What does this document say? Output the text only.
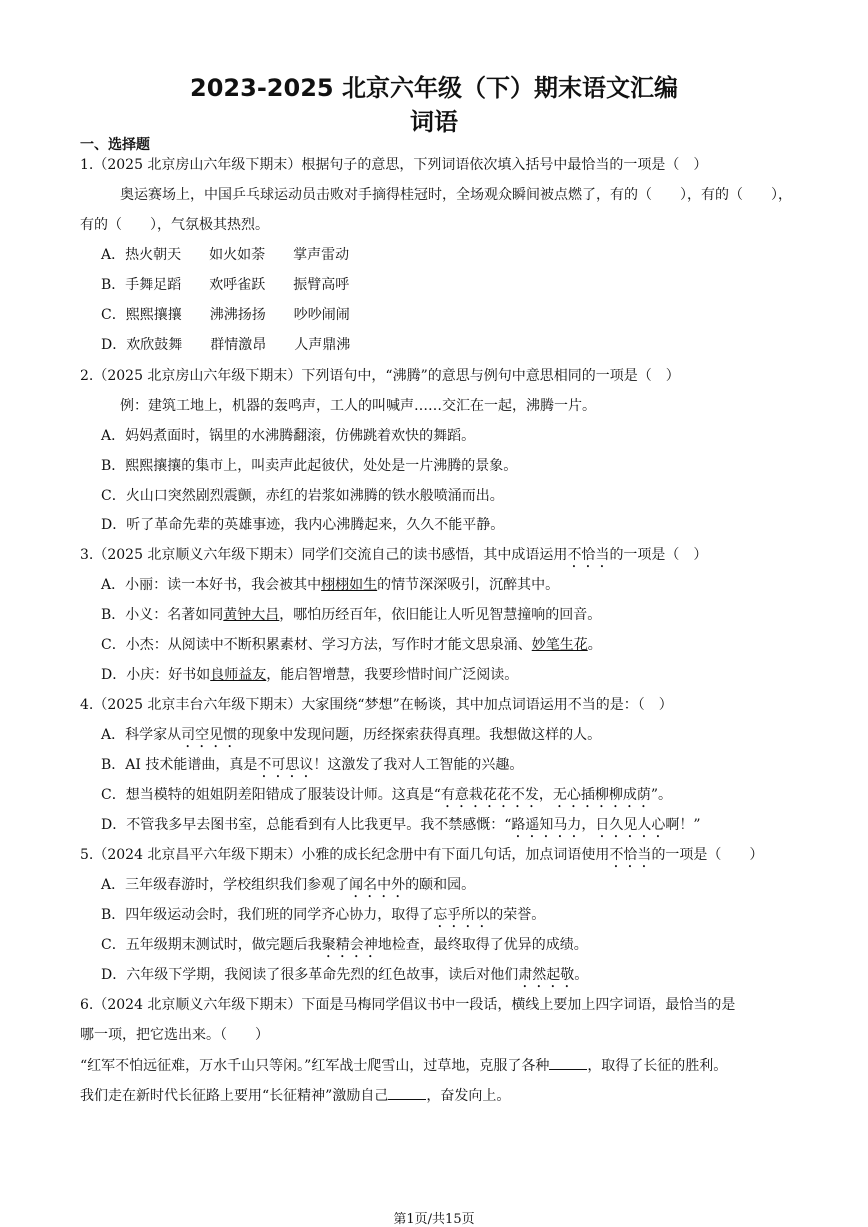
2023-2025 北京六年级（下）期末语文汇编
词语
一、选择题
1.（2025 北京房山六年级下期末）根据句子的意思，下列词语依次填入括号中最恰当的一项是（　）
奥运赛场上，中国乒乓球运动员击败对手摘得桂冠时，全场观众瞬间被点燃了，有的（　　），有的（　　），
有的（　　），气氛极其热烈。
A．热火朝天　　如火如荼　　掌声雷动
B．手舞足蹈　　欢呼雀跃　　振臂高呼
C．熙熙攘攘　　沸沸扬扬　　吵吵闹闹
D．欢欣鼓舞　　群情激昂　　人声鼎沸
2.（2025 北京房山六年级下期末）下列语句中，“沸腾”的意思与例句中意思相同的一项是（　）
例：建筑工地上，机器的轰鸣声，工人的叫喊声……交汇在一起，沸腾一片。
A．妈妈煮面时，锅里的水沸腾翻滚，仿佛跳着欢快的舞蹈。
B．熙熙攘攘的集市上，叫卖声此起彼伏，处处是一片沸腾的景象。
C．火山口突然剧烈震颤，赤红的岩浆如沸腾的铁水般喷涌而出。
D．听了革命先辈的英雄事迹，我内心沸腾起来，久久不能平静。
3.（2025 北京顺义六年级下期末）同学们交流自己的读书感悟，其中成语运用不恰当的一项是（　）
A．小丽：读一本好书，我会被其中栩栩如生的情节深深吸引，沉醉其中。
B．小义：名著如同黄钟大吕，哪怕历经百年，依旧能让人听见智慧撞响的回音。
C．小杰：从阅读中不断积累素材、学习方法，写作时才能文思泉涌、妙笔生花。
D．小庆：好书如良师益友，能启智增慧，我要珍惜时间广泛阅读。
4.（2025 北京丰台六年级下期末）大家围绕“梦想”在畅谈，其中加点词语运用不当的是：（　）
A．科学家从司空见惯的现象中发现问题，历经探索获得真理。我想做这样的人。
B．AI 技术能谱曲，真是不可思议！这激发了我对人工智能的兴趣。
C．想当模特的姐姐阴差阳错成了服装设计师。这真是“有意栽花花不发，无心插柳柳成荫”。
D．不管我多早去图书室，总能看到有人比我更早。我不禁感慨：“路遥知马力，日久见人心啊！”
5.（2024 北京昌平六年级下期末）小雅的成长纪念册中有下面几句话，加点词语使用不恰当的一项是（　　）
A．三年级春游时，学校组织我们参观了闻名中外的颐和园。
B．四年级运动会时，我们班的同学齐心协力，取得了忘乎所以的荣誉。
C．五年级期末测试时，做完题后我聚精会神地检查，最终取得了优异的成绩。
D．六年级下学期，我阅读了很多革命先烈的红色故事，读后对他们肃然起敬。
6.（2024 北京顺义六年级下期末）下面是马梅同学倡议书中一段话，横线上要加上四字词语，最恰当的是
哪一项，把它选出来。（　　）
“红军不怕远征难，万水千山只等闲。”红军战士爬雪山，过草地，克服了各种	，取得了长征的胜利。
我们走在新时代长征路上要用“长征精神”激励自己	，奋发向上。
第1页/共15页
